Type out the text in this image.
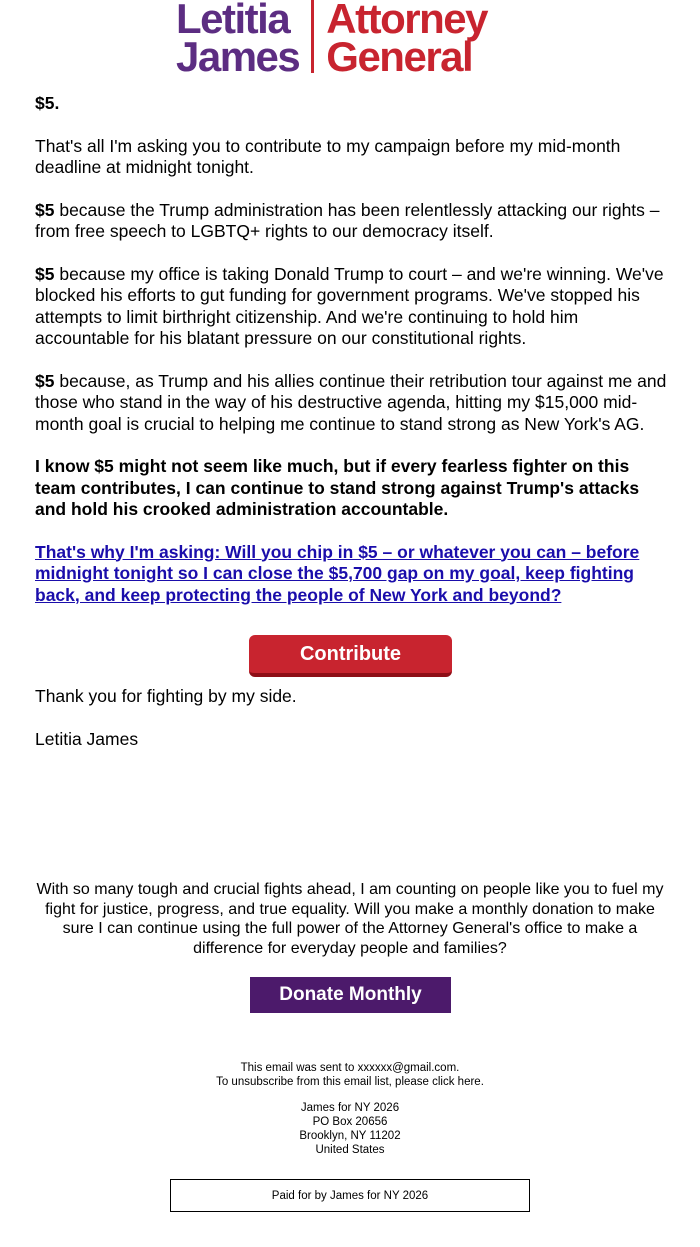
Letitia
James
Attorney
General

$5.

That's all I'm asking you to contribute to my campaign before my mid-month deadline at midnight tonight.

$5 because the Trump administration has been relentlessly attacking our rights – from free speech to LGBTQ+ rights to our democracy itself.

$5 because my office is taking Donald Trump to court – and we're winning. We've blocked his efforts to gut funding for government programs. We've stopped his attempts to limit birthright citizenship. And we're continuing to hold him accountable for his blatant pressure on our constitutional rights.

$5 because, as Trump and his allies continue their retribution tour against me and those who stand in the way of his destructive agenda, hitting my $15,000 mid-month goal is crucial to helping me continue to stand strong as New York's AG.

I know $5 might not seem like much, but if every fearless fighter on this team contributes, I can continue to stand strong against Trump's attacks and hold his crooked administration accountable.

That's why I'm asking: Will you chip in $5 – or whatever you can – before midnight tonight so I can close the $5,700 gap on my goal, keep fighting back, and keep protecting the people of New York and beyond?

Contribute

Thank you for fighting by my side.

Letitia James

With so many tough and crucial fights ahead, I am counting on people like you to fuel my fight for justice, progress, and true equality. Will you make a monthly donation to make sure I can continue using the full power of the Attorney General's office to make a difference for everyday people and families?
Donate Monthly
This email was sent to xxxxxx@gmail.com.
To unsubscribe from this email list, please click here.
James for NY 2026
PO Box 20656
Brooklyn, NY 11202
United States
Paid for by James for NY 2026
